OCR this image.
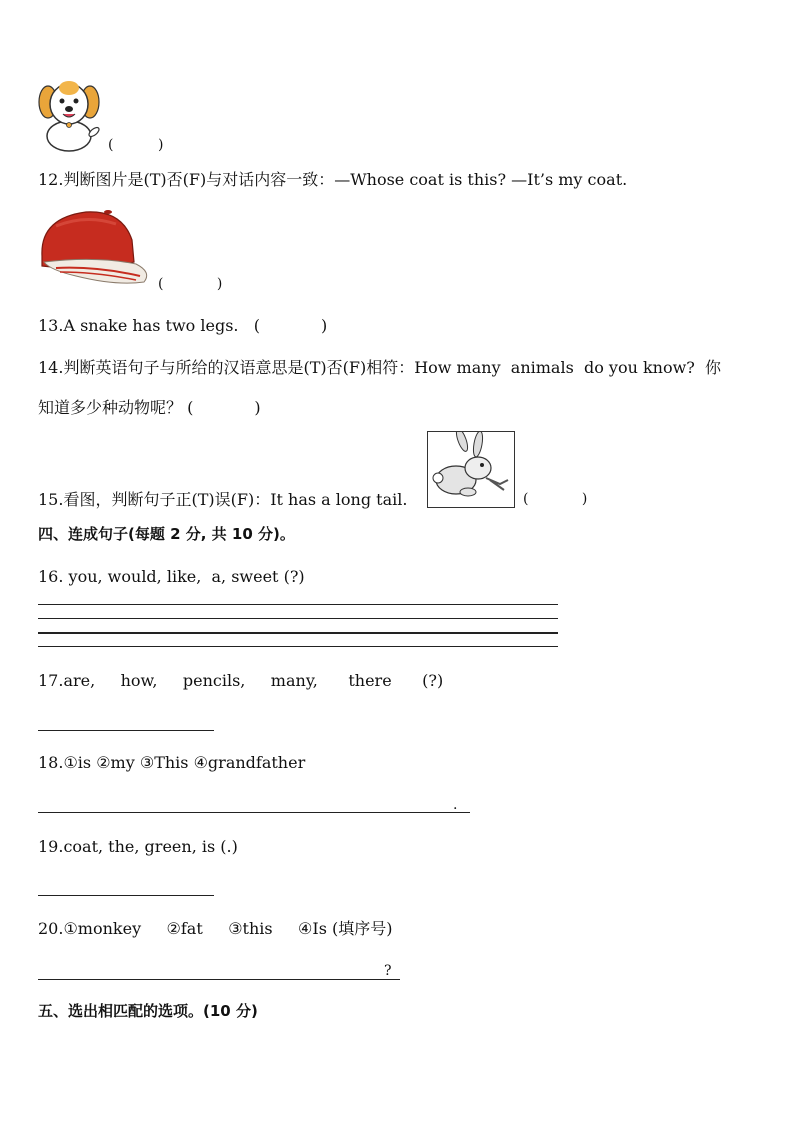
(          )
12.判断图片是(T)否(F)与对话内容一致：—Whose coat is this? —It’s my coat.
(            )
13.A snake has two legs.   (            )
14.判断英语句子与所给的汉语意思是(T)否(F)相符：How many  animals  do you know?  你
知道多少种动物呢？ (            )
15.看图，判断句子正(T)误(F)：It has a long tail.	(            )
四、连成句子(每题 2 分, 共 10 分)。
16. you, would, like,  a, sweet (?)
17.are,     how,     pencils,     many,      there      (?)
18.①is ②my ③This ④grandfather
.
19.coat, the, green, is (.)
20.①monkey     ②fat     ③this     ④Is (填序号)
?
五、选出相匹配的选项。(10 分)
